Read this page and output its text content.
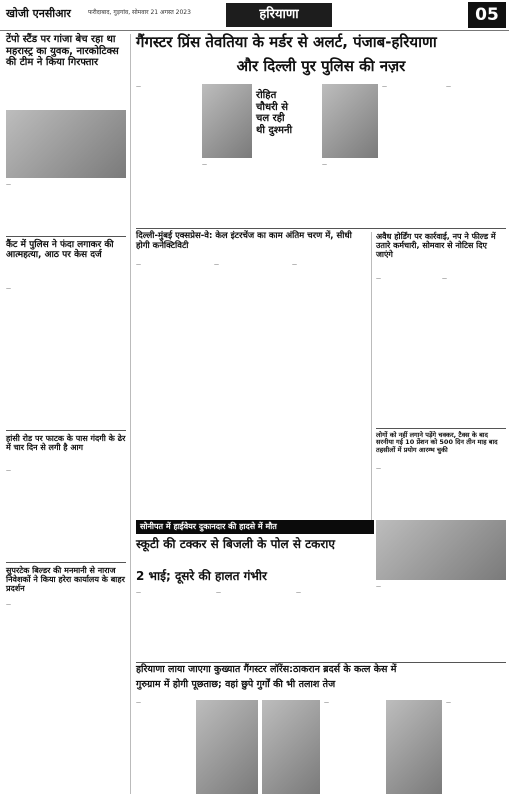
खोजी एनसीआर	फरीदाबाद, गुड़गांव, सोमवार 21 अगस्त 2023	हरियाणा	05
टेंपो स्टैंड पर गांजा बेच रहा था महरास्ट्र का युवक, नारकोटिक्स की टीम ने किया गिरफ्तार
—
कैंट में पुलिस ने फंदा लगाकर की आत्महत्या, आठ पर केस दर्ज
—
हांसी रोड पर फाटक के पास गंदगी के ढेर में चार दिन से लगी है आग
—
सुपरटेक बिल्डर की मनमानी से नाराज निवेशकों ने किया हरेरा कार्यालय के बाहर प्रदर्शन
—
गैंगस्टर प्रिंस तेवतिया के मर्डर से अलर्ट, पंजाब-हरियाणा
और दिल्ली पुर पुलिस की नज़र
—
—
रोहित
चौधरी से
चल रही
थी दुश्मनी
—
—	—
दिल्ली-मुंबई एक्सप्रेस-वे: केल इंटरचेंज का काम अंतिम चरण में, सीधी होगी कनेक्टिविटी
—	—	—
अवैध होर्डिंग पर कार्रवाई, नप ने फील्ड में उतारे कर्मचारी, सोमवार से नोटिस दिए जाएंगे
—	—
लोगों को नहीं लगाने पड़ेंगे चक्कर, टैक्स के बाद सरनीया गई 10 प्रेंशन को 500 दिन तीन माह बाद तहसीलों में प्रयोग आरम्भ चुकी
—
सोनीपत में हाईवेयर दुकानदार की हादसे में मौत
स्कूटी की टक्कर से बिजली के पोल से टकराए
2 भाई; दूसरे की हालत गंभीर
—	—	—
—
हरियाणा लाया जाएगा कुख्यात गैंगस्टर लॉरेंस:ठाकरान ब्रदर्स के कत्ल केस में
गुरुग्राम में होगी पूछताछ; वहां छुपे गुर्गों की भी तलाश तेज
—	—	—
